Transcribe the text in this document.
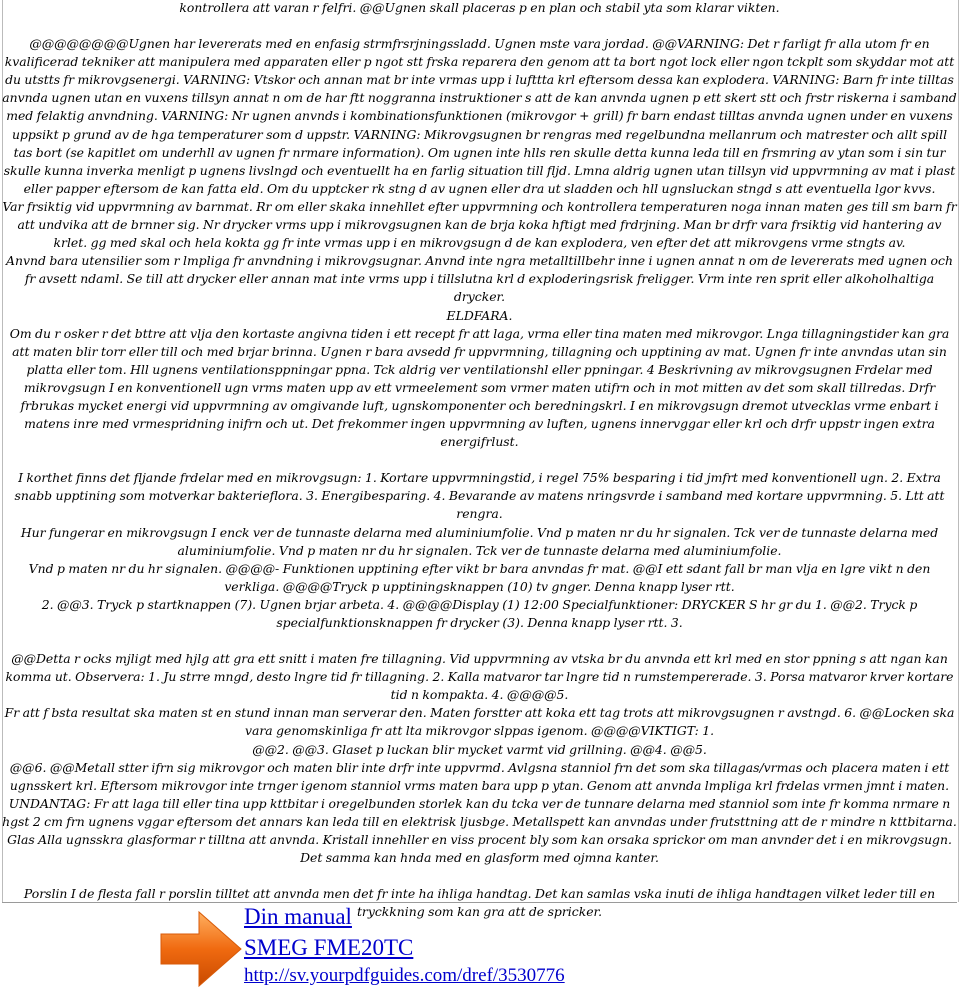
kontrollera att varan r felfri. @@Ugnen skall placeras p en plan och stabil yta som klarar vikten.

@@@@@@@@Ugnen har levererats med en enfasig strmfrsrjningssladd. Ugnen mste vara jordad. @@VARNING: Det r farligt fr alla utom fr en kvalificerad tekniker att manipulera med apparaten eller p ngot stt frska reparera den genom att ta bort ngot lock eller ngon tckplt som skyddar mot att du utstts fr mikrovgsenergi. VARNING: Vtskor och annan mat br inte vrmas upp i lufttta krl eftersom dessa kan explodera. VARNING: Barn fr inte tilltas anvnda ugnen utan en vuxens tillsyn annat n om de har ftt noggranna instruktioner s att de kan anvnda ugnen p ett skert stt och frstr riskerna i samband med felaktig anvndning. VARNING: Nr ugnen anvnds i kombinationsfunktionen (mikrovgor + grill) fr barn endast tilltas anvnda ugnen under en vuxens uppsikt p grund av de hga temperaturer som d uppstr. VARNING: Mikrovgsugnen br rengras med regelbundna mellanrum och matrester och allt spill tas bort (se kapitlet om underhll av ugnen fr nrmare information). Om ugnen inte hlls ren skulle detta kunna leda till en frsmring av ytan som i sin tur skulle kunna inverka menligt p ugnens livslngd och eventuellt ha en farlig situation till fljd. Lmna aldrig ugnen utan tillsyn vid uppvrmning av mat i plast eller papper eftersom de kan fatta eld. Om du upptcker rk stng d av ugnen eller dra ut sladden och hll ugnsluckan stngd s att eventuella lgor kvvs.

Var frsiktig vid uppvrmning av barnmat. Rr om eller skaka innehllet efter uppvrmning och kontrollera temperaturen noga innan maten ges till sm barn fr att undvika att de brnner sig. Nr drycker vrms upp i mikrovgsugnen kan de brja koka hftigt med frdrjning. Man br drfr vara frsiktig vid hantering av krlet. gg med skal och hela kokta gg fr inte vrmas upp i en mikrovgsugn d de kan explodera, ven efter det att mikrovgens vrme stngts av.

Anvnd bara utensilier som r lmpliga fr anvndning i mikrovgsugnar. Anvnd inte ngra metalltillbehr inne i ugnen annat n om de levererats med ugnen och fr avsett ndaml. Se till att drycker eller annan mat inte vrms upp i tillslutna krl d exploderingsrisk freligger. Vrm inte ren sprit eller alkoholhaltiga drycker.

ELDFARA.

Om du r osker r det bttre att vlja den kortaste angivna tiden i ett recept fr att laga, vrma eller tina maten med mikrovgor. Lnga tillagningstider kan gra att maten blir torr eller till och med brjar brinna. Ugnen r bara avsedd fr uppvrmning, tillagning och upptining av mat. Ugnen fr inte anvndas utan sin platta eller tom. Hll ugnens ventilationsppningar ppna. Tck aldrig ver ventilationshl eller ppningar. 4 Beskrivning av mikrovgsugnen Frdelar med mikrovgsugn I en konventionell ugn vrms maten upp av ett vrmeelement som vrmer maten utifrn och in mot mitten av det som skall tillredas. Drfr frbrukas mycket energi vid uppvrmning av omgivande luft, ugnskomponenter och beredningskrl. I en mikrovgsugn dremot utvecklas vrme enbart i matens inre med vrmespridning inifrn och ut. Det frekommer ingen uppvrmning av luften, ugnens innervggar eller krl och drfr uppstr ingen extra energifrlust.

I korthet finns det fljande frdelar med en mikrovgsugn: 1. Kortare uppvrmningstid, i regel 75% besparing i tid jmfrt med konventionell ugn. 2. Extra snabb upptining som motverkar bakterieflora. 3. Energibesparing. 4. Bevarande av matens nringsvrde i samband med kortare uppvrmning. 5. Ltt att rengra.

Hur fungerar en mikrovgsugn I enck ver de tunnaste delarna med aluminiumfolie. Vnd p maten nr du hr signalen. Tck ver de tunnaste delarna med aluminiumfolie. Vnd p maten nr du hr signalen. Tck ver de tunnaste delarna med aluminiumfolie.

Vnd p maten nr du hr signalen. @@@@- Funktionen upptining efter vikt br bara anvndas fr mat. @@I ett sdant fall br man vlja en lgre vikt n den verkliga. @@@@Tryck p upptiningsknappen (10) tv gnger. Denna knapp lyser rtt.

2. @@3. Tryck p startknappen (7). Ugnen brjar arbeta. 4. @@@@Display (1) 12:00 Specialfunktioner: DRYCKER S hr gr du 1. @@2. Tryck p specialfunktionsknappen fr drycker (3). Denna knapp lyser rtt. 3.

@@Detta r ocks mjligt med hjlg att gra ett snitt i maten fre tillagning. Vid uppvrmning av vtska br du anvnda ett krl med en stor ppning s att ngan kan komma ut. Observera: 1. Ju strre mngd, desto lngre tid fr tillagning. 2. Kalla matvaror tar lngre tid n rumstempererade. 3. Porsa matvaror krver kortare tid n kompakta. 4. @@@@5.

Fr att f bsta resultat ska maten st en stund innan man serverar den. Maten forstter att koka ett tag trots att mikrovgsugnen r avstngd. 6. @@Locken ska vara genomskinliga fr att lta mikrovgor slppas igenom. @@@@VIKTIGT: 1.

@@2. @@3. Glaset p luckan blir mycket varmt vid grillning. @@4. @@5.

@@6. @@Metall stter ifrn sig mikrovgor och maten blir inte drfr inte uppvrmd. Avlgsna stanniol frn det som ska tillagas/vrmas och placera maten i ett ugnsskert krl. Eftersom mikrovgor inte trnger igenom stanniol vrms maten bara upp p ytan. Genom att anvnda lmpliga krl frdelas vrmen jmnt i maten.

UNDANTAG: Fr att laga till eller tina upp kttbitar i oregelbunden storlek kan du tcka ver de tunnare delarna med stanniol som inte fr komma nrmare n hgst 2 cm frn ugnens vggar eftersom det annars kan leda till en elektrisk ljusbge. Metallspett kan anvndas under frutsttning att de r mindre n kttbitarna. Glas Alla ugnsskra glasformar r tilltna att anvnda. Kristall innehller en viss procent bly som kan orsaka sprickor om man anvnder det i en mikrovgsugn. Det samma kan hnda med en glasform med ojmna kanter.

Porslin I de flesta fall r porslin tilltet att anvnda men det fr inte ha ihliga handtag. Det kan samlas vska inuti de ihliga handtagen vilket leder till en tryckkning som kan gra att de spricker.

Din manual
SMEG FME20TC
http://sv.yourpdfguides.com/dref/3530776
